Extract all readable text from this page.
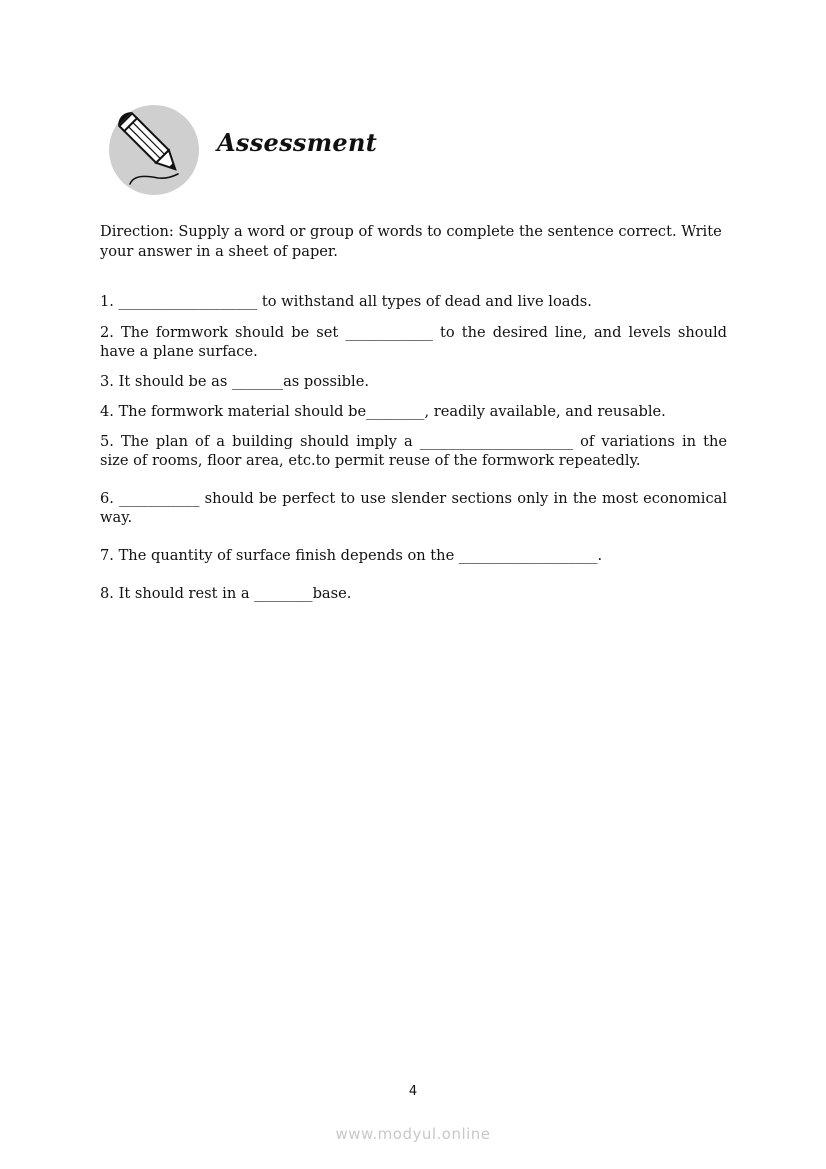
Assessment
Direction: Supply a word or group of words to complete the sentence correct. Write your answer in a sheet of paper.
1. ___________________ to withstand all types of dead and live loads.
2. The formwork should be set ____________ to the desired line, and levels should have a plane surface.
3. It should be as _______as possible.
4. The formwork material should be________, readily available, and reusable.
5. The plan of a building should imply a _____________________ of variations in the size of rooms, floor area, etc.to permit reuse of the formwork repeatedly.
6. ___________ should be perfect to use slender sections only in the most economical way.
7. The quantity of surface finish depends on the ___________________.
8. It should rest in a ________base.
4
www.modyul.online
